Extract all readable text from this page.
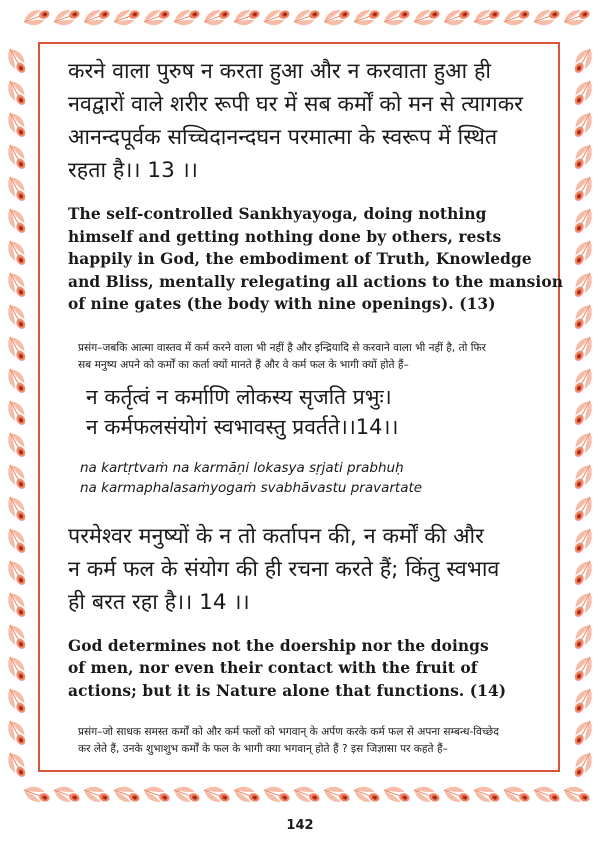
करने वाला पुरुष न करता हुआ और न करवाता हुआ ही
नवद्वारों वाले शरीर रूपी घर में सब कर्मों को मन से त्यागकर
आनन्दपूर्वक सच्चिदानन्दघन परमात्मा के स्वरूप में स्थित
रहता है।। 13 ।।
The self-controlled Sankhyayoga, doing nothing
himself and getting nothing done by others, rests
happily in God, the embodiment of Truth, Knowledge
and Bliss, mentally relegating all actions to the mansion
of nine gates (the body with nine openings). (13)
प्रसंग–जबकि आत्मा वास्तव में कर्म करने वाला भी नहीं है और इन्द्रियादि से करवाने वाला भी नहीं है, तो फिर
सब मनुष्य अपने को कर्मों का कर्ता क्यों मानते हैं और वे कर्म फल के भागी क्यों होते हैं–
न कर्तृत्वं न कर्माणि लोकस्य सृजति प्रभुः।
न कर्मफलसंयोगं स्वभावस्तु प्रवर्तते।।14।।
na kartṛtvaṁ na karmāṇi lokasya sṛjati prabhuḥ
na karmaphalasaṁyogaṁ svabhāvastu pravartate
परमेश्वर मनुष्यों के न तो कर्तापन की, न कर्मों की और
न कर्म फल के संयोग की ही रचना करते हैं; किंतु स्वभाव
ही बरत रहा है।। 14 ।।
God determines not the doership nor the doings
of men, nor even their contact with the fruit of
actions; but it is Nature alone that functions. (14)
प्रसंग–जो साधक समस्त कर्मों को और कर्म फलों को भगवान् के अर्पण करके कर्म फल से अपना सम्बन्ध-विच्छेद
कर लेते हैं, उनके शुभाशुभ कर्मों के फल के भागी क्या भगवान् होते हैं ? इस जिज्ञासा पर कहते हैं–
142
